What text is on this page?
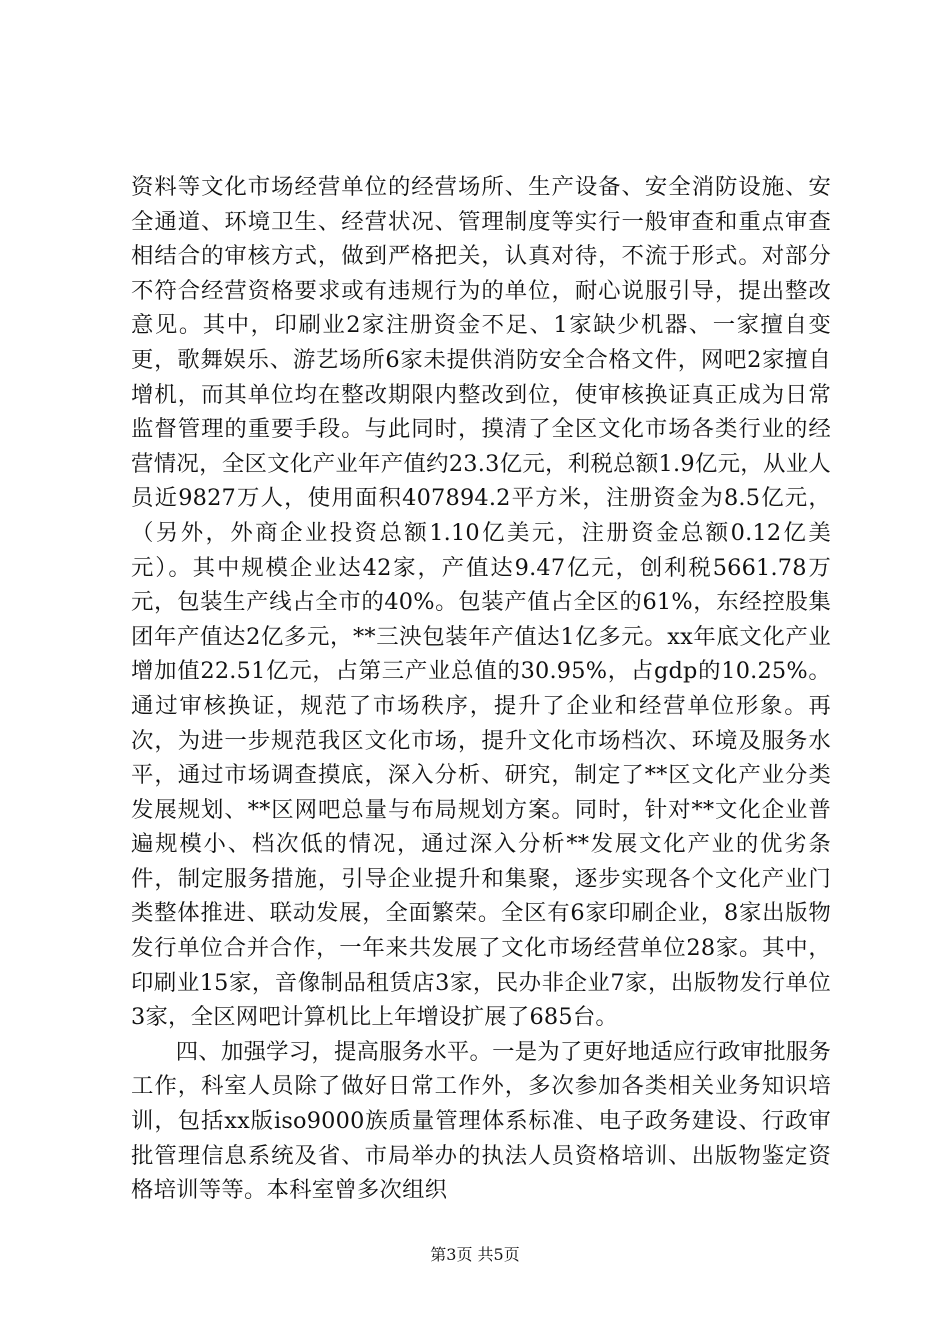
资料等文化市场经营单位的经营场所、生产设备、安全消防设施、安全通道、环境卫生、经营状况、管理制度等实行一般审查和重点审查相结合的审核方式，做到严格把关，认真对待，不流于形式。对部分不符合经营资格要求或有违规行为的单位，耐心说服引导，提出整改意见。其中，印刷业2家注册资金不足、1家缺少机器、一家擅自变更，歌舞娱乐、游艺场所6家未提供消防安全合格文件，网吧2家擅自增机，而其单位均在整改期限内整改到位，使审核换证真正成为日常监督管理的重要手段。与此同时，摸清了全区文化市场各类行业的经营情况，全区文化产业年产值约23.3亿元，利税总额1.9亿元，从业人员近9827万人，使用面积407894.2平方米，注册资金为8.5亿元，（另外，外商企业投资总额1.10亿美元，注册资金总额0.12亿美元）。其中规模企业达42家，产值达9.47亿元，创利税5661.78万元，包装生产线占全市的40%。包装产值占全区的61%，东经控股集团年产值达2亿多元，**三泱包装年产值达1亿多元。xx年底文化产业增加值22.51亿元，占第三产业总值的30.95%，占gdp的10.25%。通过审核换证，规范了市场秩序，提升了企业和经营单位形象。再次，为进一步规范我区文化市场，提升文化市场档次、环境及服务水平，通过市场调查摸底，深入分析、研究，制定了**区文化产业分类发展规划、**区网吧总量与布局规划方案。同时，针对**文化企业普遍规模小、档次低的情况，通过深入分析**发展文化产业的优劣条件，制定服务措施，引导企业提升和集聚，逐步实现各个文化产业门类整体推进、联动发展，全面繁荣。全区有6家印刷企业，8家出版物发行单位合并合作，一年来共发展了文化市场经营单位28家。其中，印刷业15家，音像制品租赁店3家，民办非企业7家，出版物发行单位3家，全区网吧计算机比上年增设扩展了685台。

四、加强学习，提高服务水平。一是为了更好地适应行政审批服务工作，科室人员除了做好日常工作外，多次参加各类相关业务知识培训，包括xx版iso9000族质量管理体系标准、电子政务建设、行政审批管理信息系统及省、市局举办的执法人员资格培训、出版物鉴定资格培训等等。本科室曾多次组织

第3页 共5页
